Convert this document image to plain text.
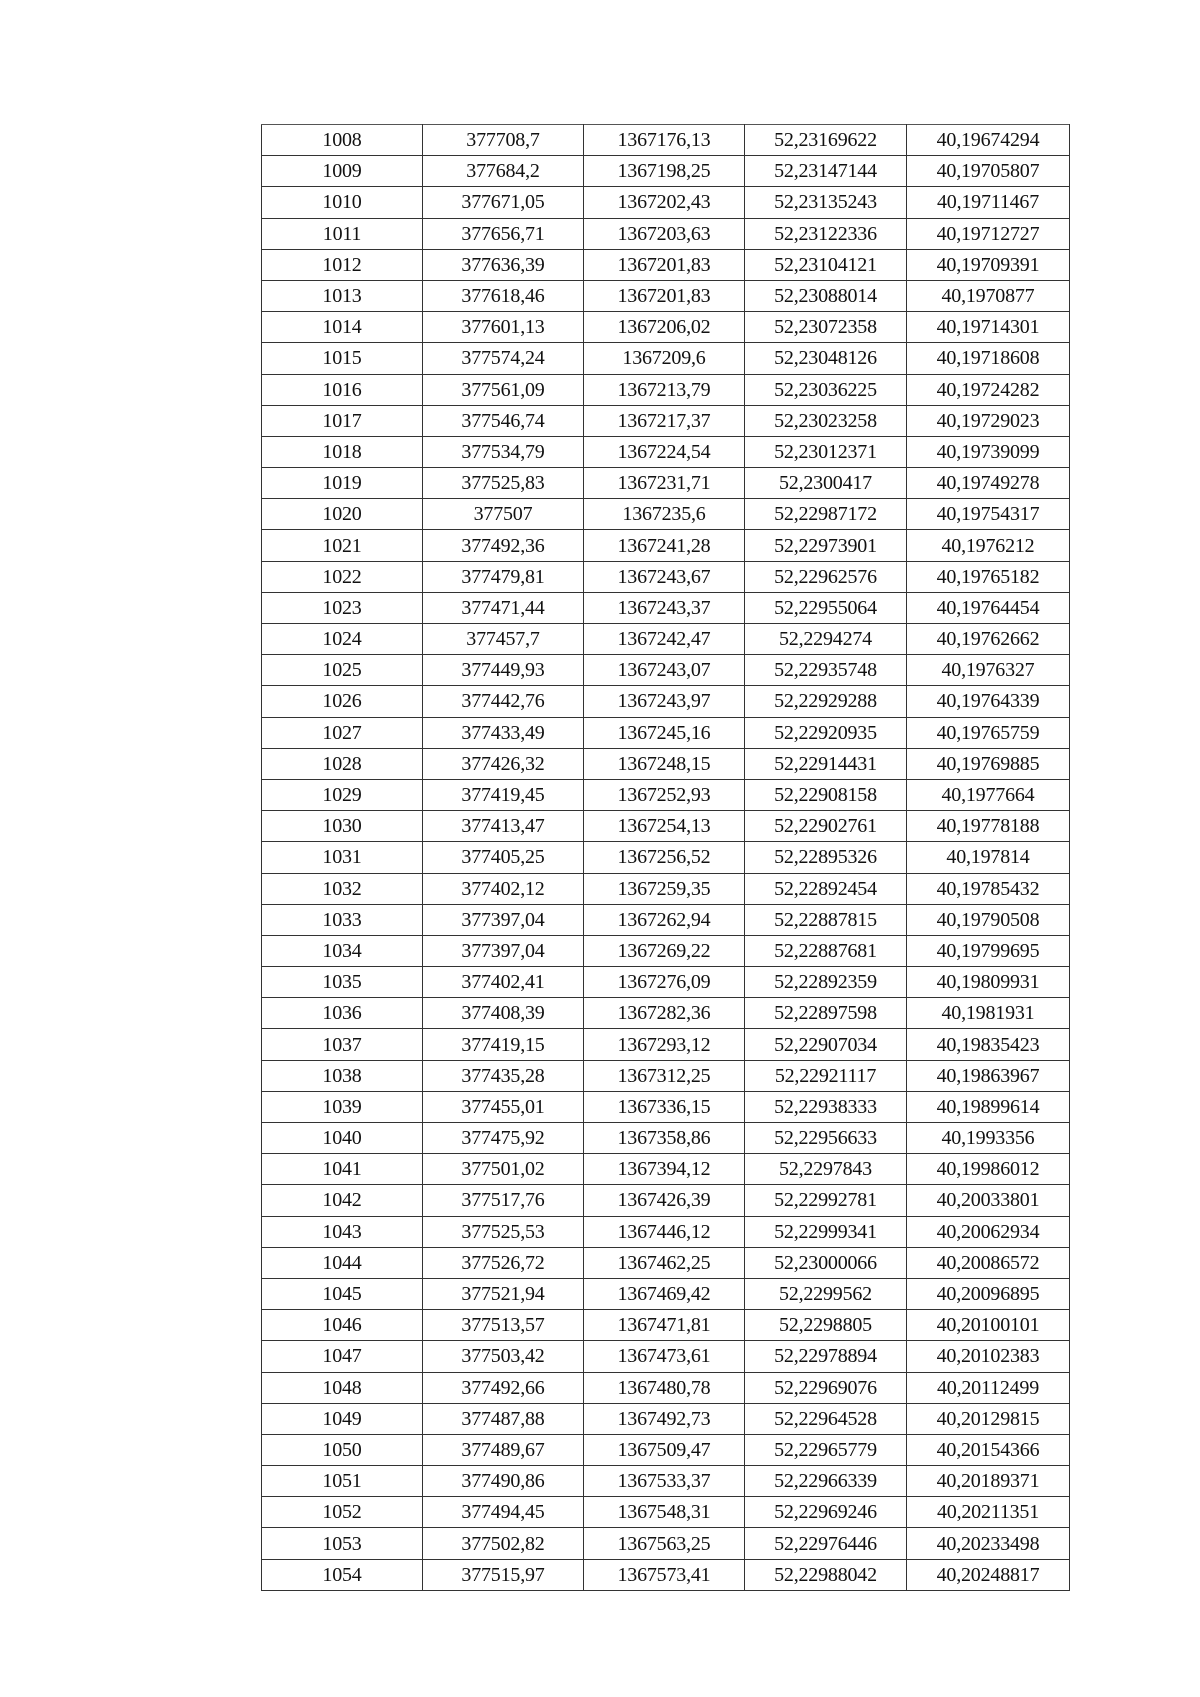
1008	377708,7	1367176,13	52,23169622	40,19674294
1009	377684,2	1367198,25	52,23147144	40,19705807
1010	377671,05	1367202,43	52,23135243	40,19711467
1011	377656,71	1367203,63	52,23122336	40,19712727
1012	377636,39	1367201,83	52,23104121	40,19709391
1013	377618,46	1367201,83	52,23088014	40,1970877
1014	377601,13	1367206,02	52,23072358	40,19714301
1015	377574,24	1367209,6	52,23048126	40,19718608
1016	377561,09	1367213,79	52,23036225	40,19724282
1017	377546,74	1367217,37	52,23023258	40,19729023
1018	377534,79	1367224,54	52,23012371	40,19739099
1019	377525,83	1367231,71	52,2300417	40,19749278
1020	377507	1367235,6	52,22987172	40,19754317
1021	377492,36	1367241,28	52,22973901	40,1976212
1022	377479,81	1367243,67	52,22962576	40,19765182
1023	377471,44	1367243,37	52,22955064	40,19764454
1024	377457,7	1367242,47	52,2294274	40,19762662
1025	377449,93	1367243,07	52,22935748	40,1976327
1026	377442,76	1367243,97	52,22929288	40,19764339
1027	377433,49	1367245,16	52,22920935	40,19765759
1028	377426,32	1367248,15	52,22914431	40,19769885
1029	377419,45	1367252,93	52,22908158	40,1977664
1030	377413,47	1367254,13	52,22902761	40,19778188
1031	377405,25	1367256,52	52,22895326	40,197814
1032	377402,12	1367259,35	52,22892454	40,19785432
1033	377397,04	1367262,94	52,22887815	40,19790508
1034	377397,04	1367269,22	52,22887681	40,19799695
1035	377402,41	1367276,09	52,22892359	40,19809931
1036	377408,39	1367282,36	52,22897598	40,1981931
1037	377419,15	1367293,12	52,22907034	40,19835423
1038	377435,28	1367312,25	52,22921117	40,19863967
1039	377455,01	1367336,15	52,22938333	40,19899614
1040	377475,92	1367358,86	52,22956633	40,1993356
1041	377501,02	1367394,12	52,2297843	40,19986012
1042	377517,76	1367426,39	52,22992781	40,20033801
1043	377525,53	1367446,12	52,22999341	40,20062934
1044	377526,72	1367462,25	52,23000066	40,20086572
1045	377521,94	1367469,42	52,2299562	40,20096895
1046	377513,57	1367471,81	52,2298805	40,20100101
1047	377503,42	1367473,61	52,22978894	40,20102383
1048	377492,66	1367480,78	52,22969076	40,20112499
1049	377487,88	1367492,73	52,22964528	40,20129815
1050	377489,67	1367509,47	52,22965779	40,20154366
1051	377490,86	1367533,37	52,22966339	40,20189371
1052	377494,45	1367548,31	52,22969246	40,20211351
1053	377502,82	1367563,25	52,22976446	40,20233498
1054	377515,97	1367573,41	52,22988042	40,20248817
